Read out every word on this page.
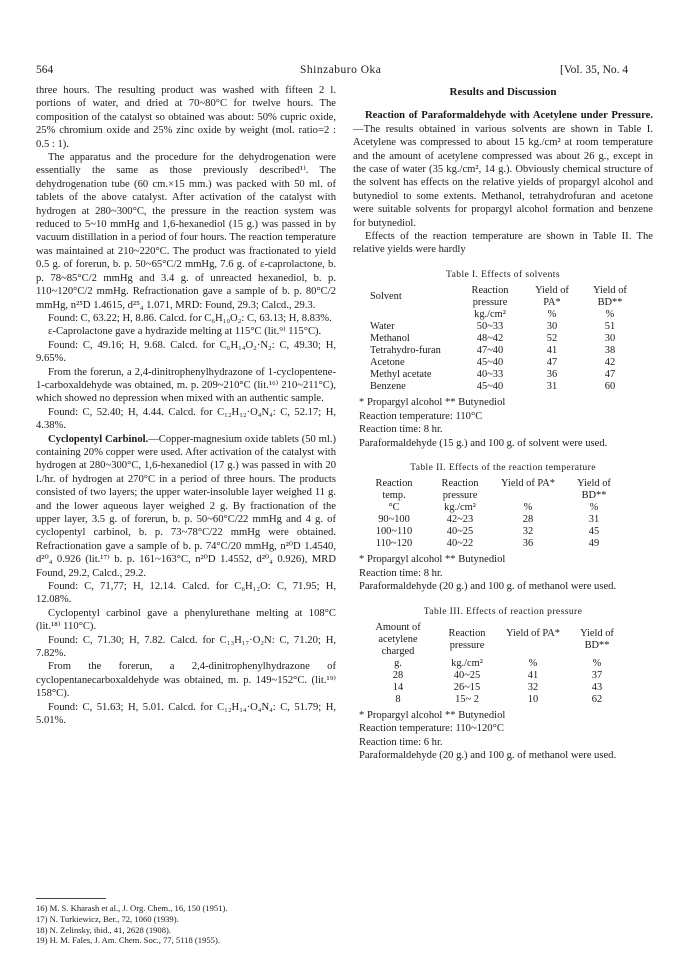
564	Shinzaburo Oka	[Vol. 35, No. 4

three hours. The resulting product was washed with fifteen 2 l. portions of water, and dried at 70~80°C for twelve hours. The composition of the catalyst so obtained was about: 50% cupric oxide, 25% chromium oxide and 25% zinc oxide by weight (mol. ratio=2 : 0.5 : 1).

The apparatus and the procedure for the dehydrogenation were essentially the same as those previously described¹⁾. The dehydrogenation tube (60 cm.×15 mm.) was packed with 50 ml. of tablets of the above catalyst. After activation of the catalyst with hydrogen at 280~300°C, the pressure in the reaction system was reduced to 5~10 mmHg and 1,6-hexanediol (15 g.) was passed in by vacuum distillation in a period of four hours. The reaction temperature was maintained at 210~220°C. The product was fractionated to yield 0.5 g. of forerun, b. p. 50~65°C/2 mmHg, 7.6 g. of ε-caprolactone, b. p. 78~85°C/2 mmHg and 3.4 g. of unreacted hexanediol, b. p. 110~120°C/2 mmHg. Refractionation gave a sample of b. p. 80°C/2 mmHg, n²⁵D 1.4615, d²⁵₄ 1.071, MRD: Found, 29.3; Calcd., 29.3.

Found: C, 63.22; H, 8.86. Calcd. for C₆H₁₀O₂: C, 63.13; H, 8.83%.

ε-Caprolactone gave a hydrazide melting at 115°C (lit.⁹⁾ 115°C).

Found: C, 49.16; H, 9.68. Calcd. for C₆H₁₄O₂·N₂: C, 49.30; H, 9.65%.

From the forerun, a 2,4-dinitrophenylhydrazone of 1-cyclopentene-1-carboxaldehyde was obtained, m. p. 209~210°C (lit.¹⁶⁾ 210~211°C), which showed no depression when mixed with an authentic sample.

Found: C, 52.40; H, 4.44. Calcd. for C₁₂H₁₂·O₄N₄: C, 52.17; H, 4.38%.

Cyclopentyl Carbinol.—Copper-magnesium oxide tablets (50 ml.) containing 20% copper were used. After activation of the catalyst with hydrogen at 280~300°C, 1,6-hexanediol (17 g.) was passed in with 20 l./hr. of hydrogen at 270°C in a period of three hours. The products consisted of two layers; the upper water-insoluble layer weighed 11 g. and the lower aqueous layer weighed 2 g. By fractionation of the upper layer, 3.5 g. of forerun, b. p. 50~60°C/22 mmHg and 4 g. of cyclopentyl carbinol, b. p. 73~78°C/22 mmHg were obtained. Refractionation gave a sample of b. p. 74°C/20 mmHg, n²⁰D 1.4540, d²⁰₄ 0.926 (lit.¹⁷⁾ b. p. 161~163°C, n²⁰D 1.4552, d²⁰₄ 0.926), MRD Found, 29.2, Calcd., 29.2.

Found: C, 71,77; H, 12.14. Calcd. for C₆H₁₂O: C, 71.95; H, 12.08%.

Cyclopentyl carbinol gave a phenylurethane melting at 108°C (lit.¹⁸⁾ 110°C).

Found: C, 71.30; H, 7.82. Calcd. for C₁₃H₁₇·O₂N: C, 71.20; H, 7.82%.

From the forerun, a 2,4-dinitrophenylhydrazone of cyclopentanecarboxaldehyde was obtained, m. p. 149~152°C. (lit.¹⁹⁾ 158°C).

Found: C, 51.63; H, 5.01. Calcd. for C₁₂H₁₄·O₄N₄: C, 51.79; H, 5.01%.

16) M. S. Kharash et al., J. Org. Chem., 16, 150 (1951).

17) N. Turkiewicz, Ber., 72, 1060 (1939).

18) N. Zelinsky, ibid., 41, 2628 (1908).

19) H. M. Fales, J. Am. Chem. Soc., 77, 5118 (1955).

Results and Discussion

Reaction of Paraformaldehyde with Acetylene under Pressure.—The results obtained in various solvents are shown in Table I. Acetylene was compressed to about 15 kg./cm² at room temperature and the amount of acetylene compressed was about 26 g., except in the case of water (35 kg./cm², 14 g.). Obviously chemical structure of the solvent has effects on the relative yields of propargyl alcohol and butynediol to some extents. Methanol, tetrahydrofuran and acetone were suitable solvents for propargyl alcohol formation and benzene for butynediol.

Effects of the reaction temperature are shown in Table II. The relative yields were hardly

Table I. Effects of solvents

Solvent	Reaction pressure	Yield of PA*	Yield of BD**
	kg./cm²	%	%
Water	50~33	30	51
Methanol	48~42	52	30
Tetrahydro-furan	47~40	41	38
Acetone	45~40	47	42
Methyl acetate	40~33	36	47
Benzene	45~40	31	60

* Propargyl alcohol ** Butynediol

Reaction temperature: 110°C

Reaction time: 8 hr.

Paraformaldehyde (15 g.) and 100 g. of solvent were used.

Table II. Effects of the reaction temperature

Reaction temp.	Reaction pressure	Yield of PA*	Yield of BD**
°C	kg./cm²	%	%
90~100	42~23	28	31
100~110	40~25	32	45
110~120	40~22	36	49

* Propargyl alcohol ** Butynediol

Reaction time: 8 hr.

Paraformaldehyde (20 g.) and 100 g. of methanol were used.

Table III. Effects of reaction pressure

Amount of acetylene charged	Reaction pressure	Yield of PA*	Yield of BD**
g.	kg./cm²	%	%
28	40~25	41	37
14	26~15	32	43
8	15~ 2	10	62

* Propargyl alcohol ** Butynediol

Reaction temperature: 110~120°C

Reaction time: 6 hr.

Paraformaldehyde (20 g.) and 100 g. of methanol were used.
